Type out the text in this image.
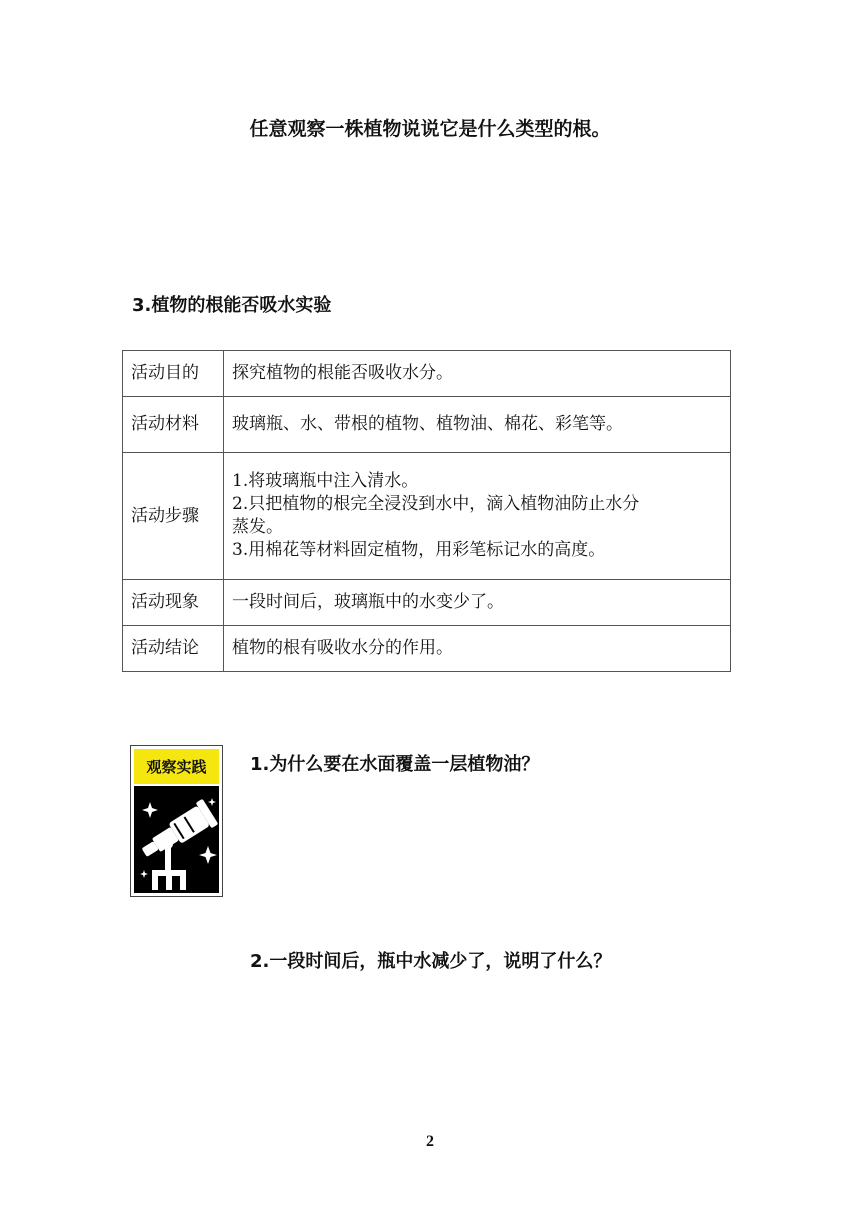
任意观察一株植物说说它是什么类型的根。
3.植物的根能否吸水实验
活动目的	探究植物的根能否吸收水分。
活动材料	玻璃瓶、水、带根的植物、植物油、棉花、彩笔等。
活动步骤	1.将玻璃瓶中注入清水。
2.只把植物的根完全浸没到水中，滴入植物油防止水分
蒸发。
3.用棉花等材料固定植物，用彩笔标记水的高度。

活动现象	一段时间后，玻璃瓶中的水变少了。
活动结论	植物的根有吸收水分的作用。
观察实践	1.为什么要在水面覆盖一层植物油？
2.一段时间后，瓶中水减少了，说明了什么？
2
